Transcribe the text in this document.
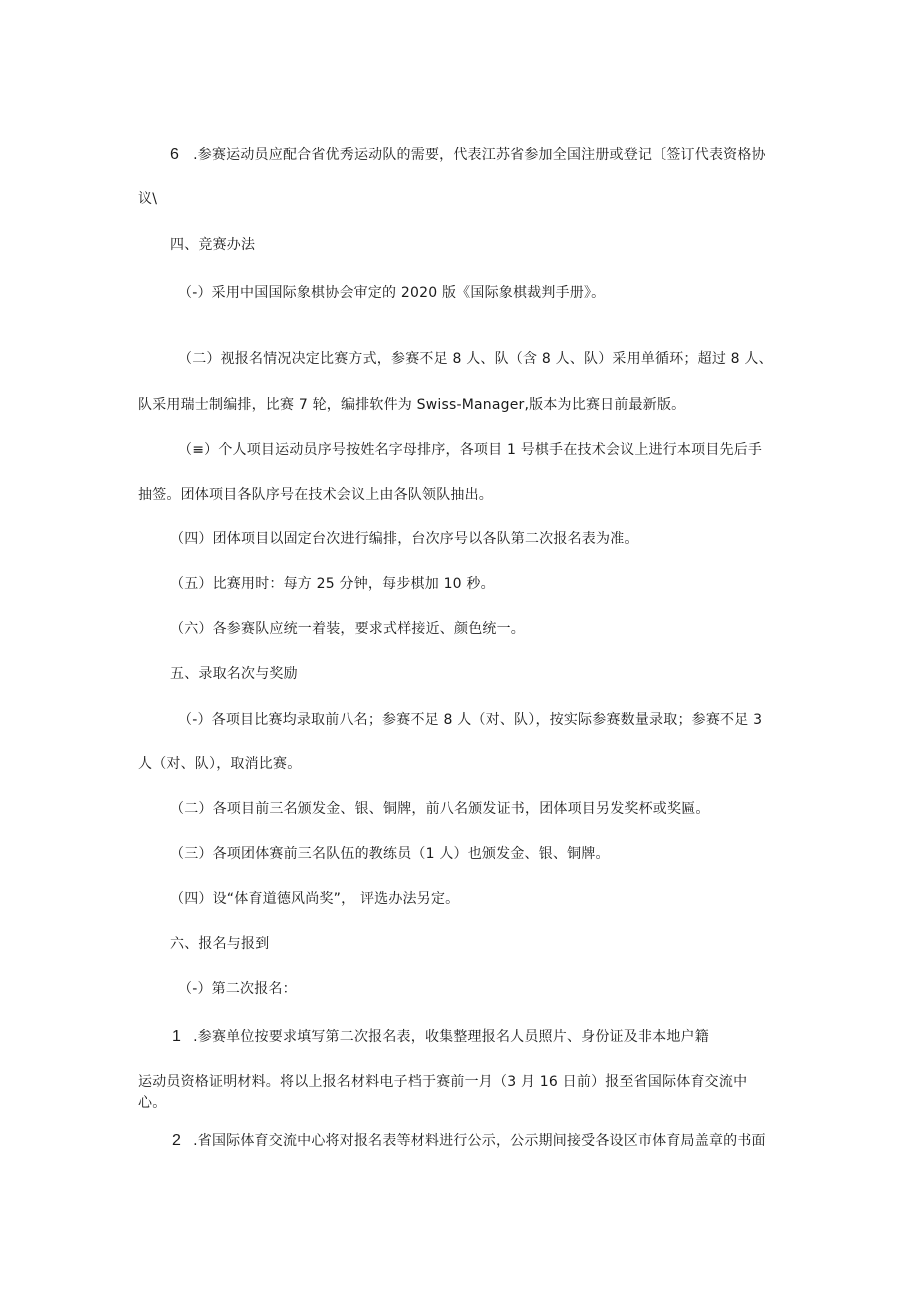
6 .参赛运动员应配合省优秀运动队的需要，代表江苏省参加全国注册或登记〔签订代表资格协
议\
四、竞赛办法
（-）采用中国国际象棋协会审定的 2020 版《国际象棋裁判手册》。
（二）视报名情况决定比赛方式，参赛不足 8 人、队（含 8 人、队）采用单循环；超过 8 人、
队采用瑞士制编排，比赛 7 轮，编排软件为 Swiss-Manager,版本为比赛日前最新版。
（≡）个人项目运动员序号按姓名字母排序，各项目 1 号棋手在技术会议上进行本项目先后手
抽签。团体项目各队序号在技术会议上由各队领队抽出。
（四）团体项目以固定台次进行编排，台次序号以各队第二次报名表为准。
（五）比赛用时：每方 25 分钟，每步棋加 10 秒。
（六）各参赛队应统一着装，要求式样接近、颜色统一。
五、录取名次与奖励
（-）各项目比赛均录取前八名；参赛不足 8 人（对、队），按实际参赛数量录取；参赛不足 3
人（对、队），取消比赛。
（二）各项目前三名颁发金、银、铜牌，前八名颁发证书，团体项目另发奖杯或奖匾。
（三）各项团体赛前三名队伍的教练员（1 人）也颁发金、银、铜牌。
（四）设“体育道德风尚奖”， 评选办法另定。
六、报名与报到
（-）第二次报名：
1 .参赛单位按要求填写第二次报名表，收集整理报名人员照片、身份证及非本地户籍
运动员资格证明材料。将以上报名材料电子档于赛前一月（3 月 16 日前）报至省国际体育交流中
心。
2 .省国际体育交流中心将对报名表等材料进行公示，公示期间接受各设区市体育局盖章的书面
